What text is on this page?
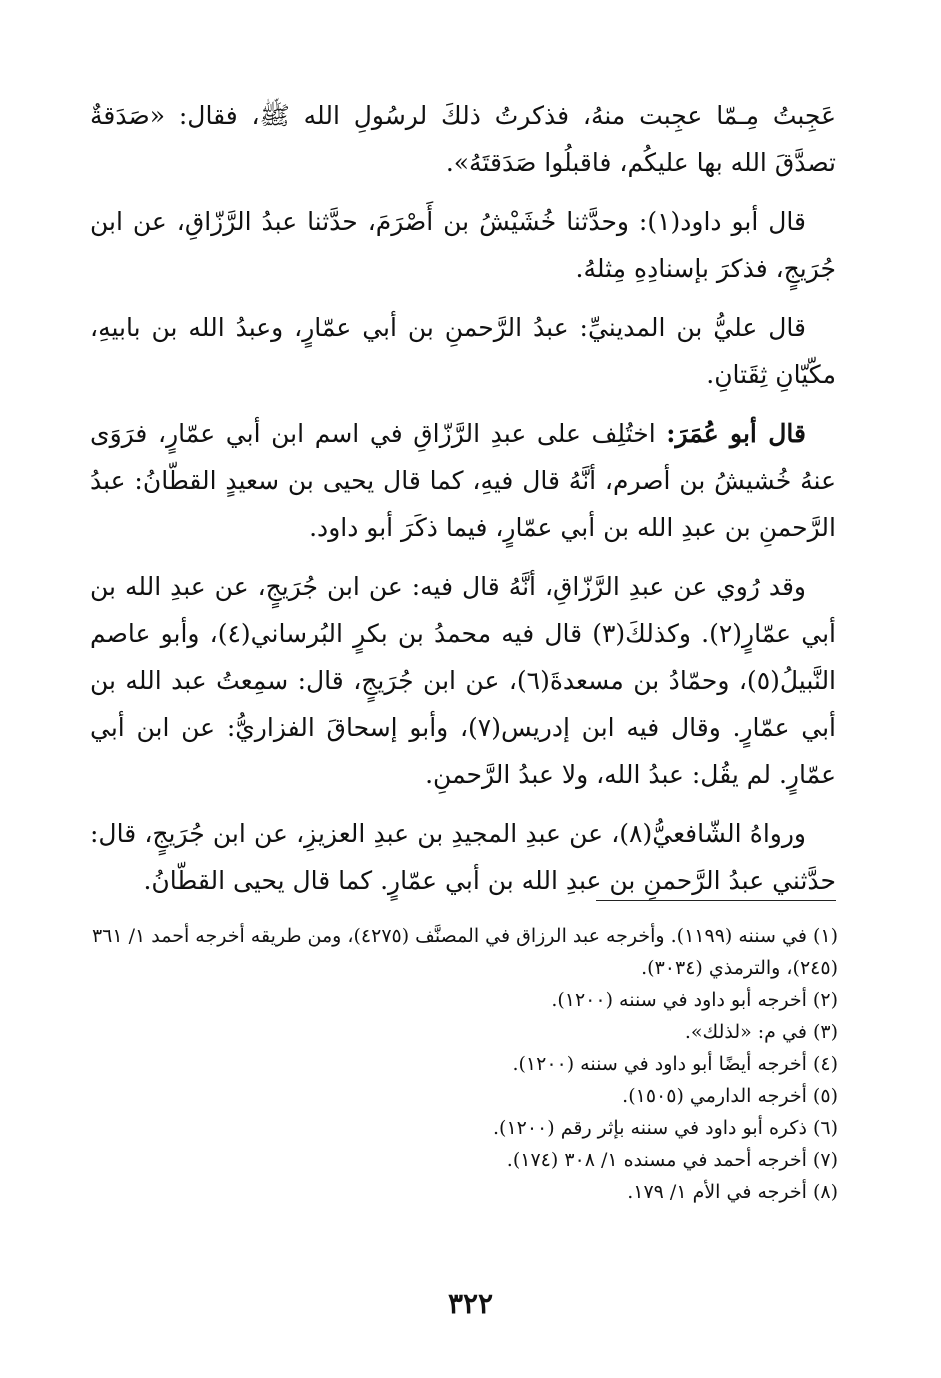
عَجِبتُ مِـمّا عجِبت منهُ، فذكرتُ ذلكَ لرسُولِ الله ﷺ، فقال: «صَدَقةٌ تصدَّقَ الله بها عليكُم، فاقبلُوا صَدَقتَهُ».

قال أبو داود(١): وحدَّثنا خُشَيْشُ بن أَصْرَمَ، حدَّثنا عبدُ الرَّزّاقِ، عن ابن جُرَيجٍ، فذكرَ بإسنادِهِ مِثلهُ.

قال عليُّ بن المدينيِّ: عبدُ الرَّحمنِ بن أبي عمّارٍ، وعبدُ الله بن بابيهِ، مكّيّانِ ثِقَتانِ.

قال أبو عُمَرَ: اختُلِف على عبدِ الرَّزّاقِ في اسم ابن أبي عمّارٍ، فرَوَى عنهُ خُشيشُ بن أصرم، أنَّهُ قال فيهِ، كما قال يحيى بن سعيدٍ القطّانُ: عبدُ الرَّحمنِ بن عبدِ الله بن أبي عمّارٍ، فيما ذكَرَ أبو داود.

وقد رُوي عن عبدِ الرَّزّاقِ، أنَّهُ قال فيه: عن ابن جُرَيجٍ، عن عبدِ الله بن أبي عمّارٍ(٢). وكذلكَ(٣) قال فيه محمدُ بن بكرٍ البُرساني(٤)، وأبو عاصم النَّبيلُ(٥)، وحمّادُ بن مسعدةَ(٦)، عن ابن جُرَيجٍ، قال: سمِعتُ عبد الله بن أبي عمّارٍ. وقال فيه ابن إدريس(٧)، وأبو إسحاقَ الفزاريُّ: عن ابن أبي عمّارٍ. لم يقُل: عبدُ الله، ولا عبدُ الرَّحمنِ.

ورواهُ الشّافعيُّ(٨)، عن عبدِ المجيدِ بن عبدِ العزيزِ، عن ابن جُرَيجٍ، قال: حدَّثني عبدُ الرَّحمنِ بن عبدِ الله بن أبي عمّارٍ. كما قال يحيى القطّانُ.

(١) في سننه (١١٩٩). وأخرجه عبد الرزاق في المصنَّف (٤٢٧٥)، ومن طريقه أخرجه أحمد ١/ ٣٦١ (٢٤٥)، والترمذي (٣٠٣٤).

(٢) أخرجه أبو داود في سننه (١٢٠٠).

(٣) في م: «لذلك».

(٤) أخرجه أيضًا أبو داود في سننه (١٢٠٠).

(٥) أخرجه الدارمي (١٥٠٥).

(٦) ذكره أبو داود في سننه بإثر رقم (١٢٠٠).

(٧) أخرجه أحمد في مسنده ١/ ٣٠٨ (١٧٤).

(٨) أخرجه في الأم ١/ ١٧٩.

٣٢٢
